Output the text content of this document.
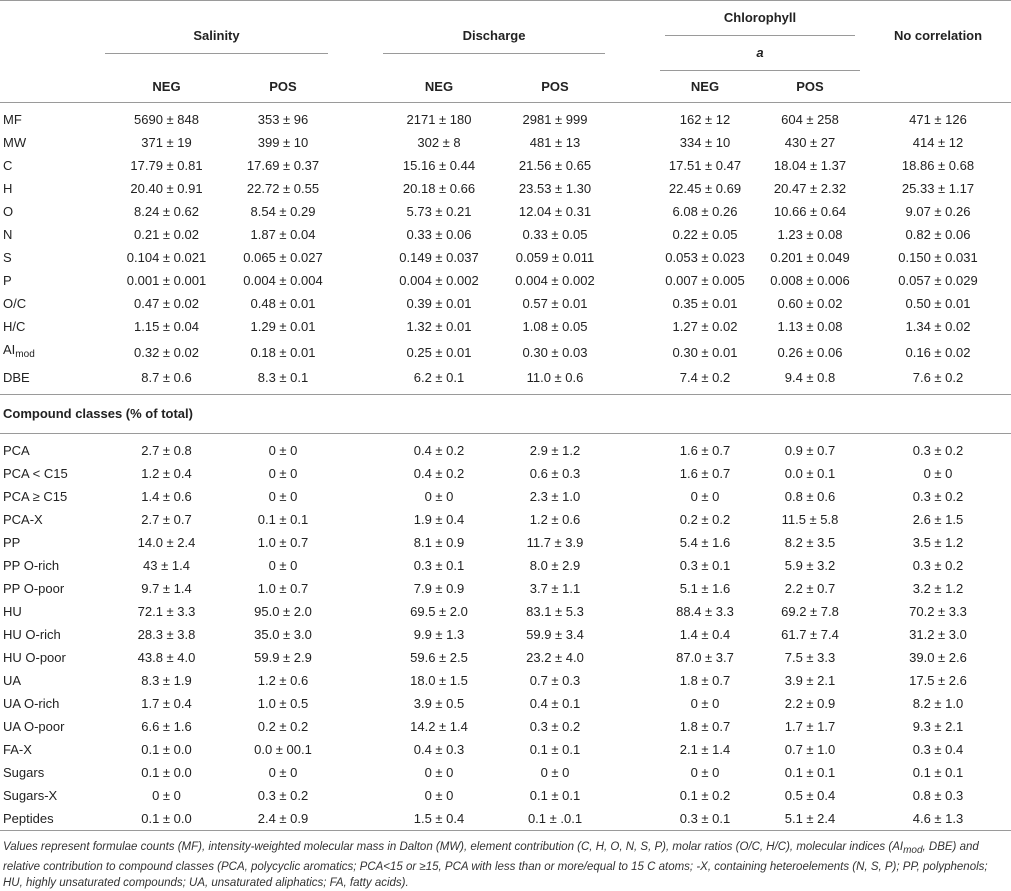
	Salinity			Discharge			Chlorophyll
a		No correlation

	NEG	POS		NEG	POS		NEG	POS	

MF	5690 ± 848	353 ± 96		2171 ± 180	2981 ± 999		162 ± 12	604 ± 258	471 ± 126
MW	371 ± 19	399 ± 10		302 ± 8	481 ± 13		334 ± 10	430 ± 27	414 ± 12
C	17.79 ± 0.81	17.69 ± 0.37		15.16 ± 0.44	21.56 ± 0.65		17.51 ± 0.47	18.04 ± 1.37	18.86 ± 0.68
H	20.40 ± 0.91	22.72 ± 0.55		20.18 ± 0.66	23.53 ± 1.30		22.45 ± 0.69	20.47 ± 2.32	25.33 ± 1.17
O	8.24 ± 0.62	8.54 ± 0.29		5.73 ± 0.21	12.04 ± 0.31		6.08 ± 0.26	10.66 ± 0.64	9.07 ± 0.26
N	0.21 ± 0.02	1.87 ± 0.04		0.33 ± 0.06	0.33 ± 0.05		0.22 ± 0.05	1.23 ± 0.08	0.82 ± 0.06
S	0.104 ± 0.021	0.065 ± 0.027		0.149 ± 0.037	0.059 ± 0.011		0.053 ± 0.023	0.201 ± 0.049	0.150 ± 0.031
P	0.001 ± 0.001	0.004 ± 0.004		0.004 ± 0.002	0.004 ± 0.002		0.007 ± 0.005	0.008 ± 0.006	0.057 ± 0.029
O/C	0.47 ± 0.02	0.48 ± 0.01		0.39 ± 0.01	0.57 ± 0.01		0.35 ± 0.01	0.60 ± 0.02	0.50 ± 0.01
H/C	1.15 ± 0.04	1.29 ± 0.01		1.32 ± 0.01	1.08 ± 0.05		1.27 ± 0.02	1.13 ± 0.08	1.34 ± 0.02
$AI_{mod}$	0.32 ± 0.02	0.18 ± 0.01		0.25 ± 0.01	0.30 ± 0.03		0.30 ± 0.01	0.26 ± 0.06	0.16 ± 0.02
DBE	8.7 ± 0.6	8.3 ± 0.1		6.2 ± 0.1	11.0 ± 0.6		7.4 ± 0.2	9.4 ± 0.8	7.6 ± 0.2

Compound classes (% of total)									

PCA	2.7 ± 0.8	0 ± 0		0.4 ± 0.2	2.9 ± 1.2		1.6 ± 0.7	0.9 ± 0.7	0.3 ± 0.2
PCA < C15	1.2 ± 0.4	0 ± 0		0.4 ± 0.2	0.6 ± 0.3		1.6 ± 0.7	0.0 ± 0.1	0 ± 0
PCA ≥ C15	1.4 ± 0.6	0 ± 0		0 ± 0	2.3 ± 1.0		0 ± 0	0.8 ± 0.6	0.3 ± 0.2
PCA-X	2.7 ± 0.7	0.1 ± 0.1		1.9 ± 0.4	1.2 ± 0.6		0.2 ± 0.2	11.5 ± 5.8	2.6 ± 1.5
PP	14.0 ± 2.4	1.0 ± 0.7		8.1 ± 0.9	11.7 ± 3.9		5.4 ± 1.6	8.2 ± 3.5	3.5 ± 1.2
PP O-rich	43 ± 1.4	0 ± 0		0.3 ± 0.1	8.0 ± 2.9		0.3 ± 0.1	5.9 ± 3.2	0.3 ± 0.2
PP O-poor	9.7 ± 1.4	1.0 ± 0.7		7.9 ± 0.9	3.7 ± 1.1		5.1 ± 1.6	2.2 ± 0.7	3.2 ± 1.2
HU	72.1 ± 3.3	95.0 ± 2.0		69.5 ± 2.0	83.1 ± 5.3		88.4 ± 3.3	69.2 ± 7.8	70.2 ± 3.3
HU O-rich	28.3 ± 3.8	35.0 ± 3.0		9.9 ± 1.3	59.9 ± 3.4		1.4 ± 0.4	61.7 ± 7.4	31.2 ± 3.0
HU O-poor	43.8 ± 4.0	59.9 ± 2.9		59.6 ± 2.5	23.2 ± 4.0		87.0 ± 3.7	7.5 ± 3.3	39.0 ± 2.6
UA	8.3 ± 1.9	1.2 ± 0.6		18.0 ± 1.5	0.7 ± 0.3		1.8 ± 0.7	3.9 ± 2.1	17.5 ± 2.6
UA O-rich	1.7 ± 0.4	1.0 ± 0.5		3.9 ± 0.5	0.4 ± 0.1		0 ± 0	2.2 ± 0.9	8.2 ± 1.0
UA O-poor	6.6 ± 1.6	0.2 ± 0.2		14.2 ± 1.4	0.3 ± 0.2		1.8 ± 0.7	1.7 ± 1.7	9.3 ± 2.1
FA-X	0.1 ± 0.0	0.0 ± 00.1		0.4 ± 0.3	0.1 ± 0.1		2.1 ± 1.4	0.7 ± 1.0	0.3 ± 0.4
Sugars	0.1 ± 0.0	0 ± 0		0 ± 0	0 ± 0		0 ± 0	0.1 ± 0.1	0.1 ± 0.1
Sugars-X	0 ± 0	0.3 ± 0.2		0 ± 0	0.1 ± 0.1		0.1 ± 0.2	0.5 ± 0.4	0.8 ± 0.3
Peptides	0.1 ± 0.0	2.4 ± 0.9		1.5 ± 0.4	0.1 ± .0.1		0.3 ± 0.1	5.1 ± 2.4	4.6 ± 1.3
Values represent formulae counts (MF), intensity-weighted molecular mass in Dalton (MW), element contribution (C, H, O, N, S, P), molar ratios (O/C, H/C), molecular indices (AImod, DBE) and relative contribution to compound classes (PCA, polycyclic aromatics; PCA<15 or ≥15, PCA with less than or more/equal to 15 C atoms; -X, containing heteroelements (N, S, P); PP, polyphenols; HU, highly unsaturated compounds; UA, unsaturated aliphatics; FA, fatty acids).
